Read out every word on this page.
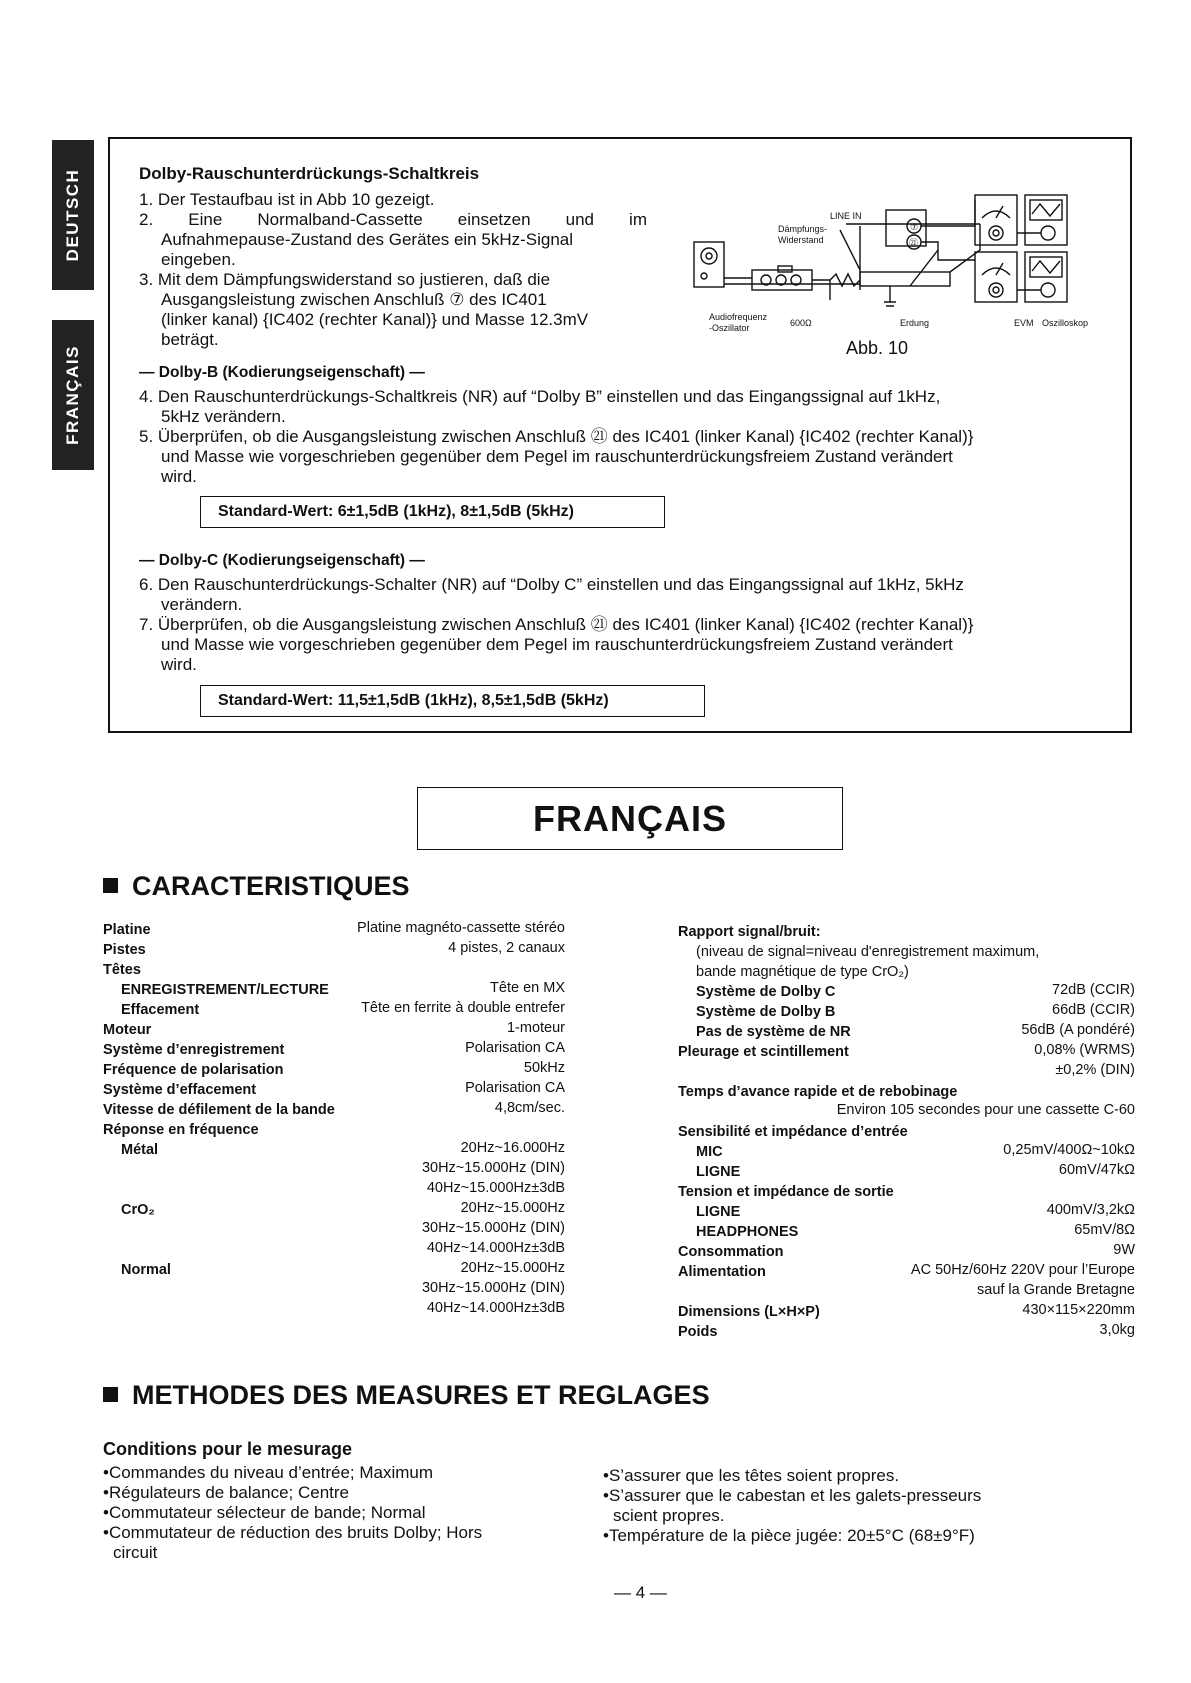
DEUTSCH
FRANÇAIS
Dolby-Rauschunterdrückungs-Schaltkreis
1. Der Testaufbau ist in Abb 10 gezeigt.
2. Eine Normalband-Cassette einsetzen und im
Aufnahmepause-Zustand des Gerätes ein 5kHz-Signal
eingeben.
3. Mit dem Dämpfungswiderstand so justieren, daß die
Ausgangsleistung zwischen Anschluß ⑦ des IC401
(linker kanal) {IC402 (rechter Kanal)} und Masse 12.3mV
beträgt.
Audiofrequenz
-Oszillator
Dämpfungs-
Widerstand
LINE IN
600Ω	Erdung	EVM Oszilloskop
⑦
㉑
Abb. 10
— Dolby-B (Kodierungseigenschaft) —
4. Den Rauschunterdrückungs-Schaltkreis (NR) auf “Dolby B” einstellen und das Eingangssignal auf 1kHz,
5kHz verändern.
5. Überprüfen, ob die Ausgangsleistung zwischen Anschluß ㉑ des IC401 (linker Kanal) {IC402 (rechter Kanal)}
und Masse wie vorgeschrieben gegenüber dem Pegel im rauschunterdrückungsfreiem Zustand verändert
wird.
Standard-Wert: 6±1,5dB (1kHz), 8±1,5dB (5kHz)
— Dolby-C (Kodierungseigenschaft) —
6. Den Rauschunterdrückungs-Schalter (NR) auf “Dolby C” einstellen und das Eingangssignal auf 1kHz, 5kHz
verändern.
7. Überprüfen, ob die Ausgangsleistung zwischen Anschluß ㉑ des IC401 (linker Kanal) {IC402 (rechter Kanal)}
und Masse wie vorgeschrieben gegenüber dem Pegel im rauschunterdrückungsfreiem Zustand verändert
wird.
Standard-Wert: 11,5±1,5dB (1kHz), 8,5±1,5dB (5kHz)
FRANÇAIS
CARACTERISTIQUES
Platine	Platine magnéto-cassette stéréo
Pistes	4 pistes, 2 canaux
Têtes
ENREGISTREMENT/LECTURE	Tête en MX
Effacement	Tête en ferrite à double entrefer
Moteur	1-moteur
Système d’enregistrement	Polarisation CA
Fréquence de polarisation	50kHz
Système d’effacement	Polarisation CA
Vitesse de défilement de la bande	4,8cm/sec.
Réponse en fréquence
Métal	20Hz~16.000Hz
30Hz~15.000Hz (DIN)
40Hz~15.000Hz±3dB
CrO₂	20Hz~15.000Hz
30Hz~15.000Hz (DIN)
40Hz~14.000Hz±3dB
Normal	20Hz~15.000Hz
30Hz~15.000Hz (DIN)
40Hz~14.000Hz±3dB
Rapport signal/bruit:
(niveau de signal=niveau d'enregistrement maximum,
bande magnétique de type CrO₂)
Système de Dolby C	72dB (CCIR)
Système de Dolby B	66dB (CCIR)
Pas de système de NR	56dB (A pondéré)
Pleurage et scintillement	0,08% (WRMS)
±0,2% (DIN)
Temps d’avance rapide et de rebobinage
Environ 105 secondes pour une cassette C-60
Sensibilité et impédance d’entrée
MIC	0,25mV/400Ω~10kΩ
LIGNE	60mV/47kΩ
Tension et impédance de sortie
LIGNE	400mV/3,2kΩ
HEADPHONES	65mV/8Ω
Consommation	9W
Alimentation	AC 50Hz/60Hz 220V pour l’Europe
sauf la Grande Bretagne
Dimensions (L×H×P)	430×115×220mm
Poids	3,0kg
METHODES DES MEASURES ET REGLAGES
Conditions pour le mesurage
•Commandes du niveau d’entrée; Maximum
•Régulateurs de balance; Centre
•Commutateur sélecteur de bande; Normal
•Commutateur de réduction des bruits Dolby; Hors
circuit
•S’assurer que les têtes soient propres.
•S’assurer que le cabestan et les galets-presseurs
scient propres.
•Température de la pièce jugée: 20±5°C (68±9°F)
— 4 —
